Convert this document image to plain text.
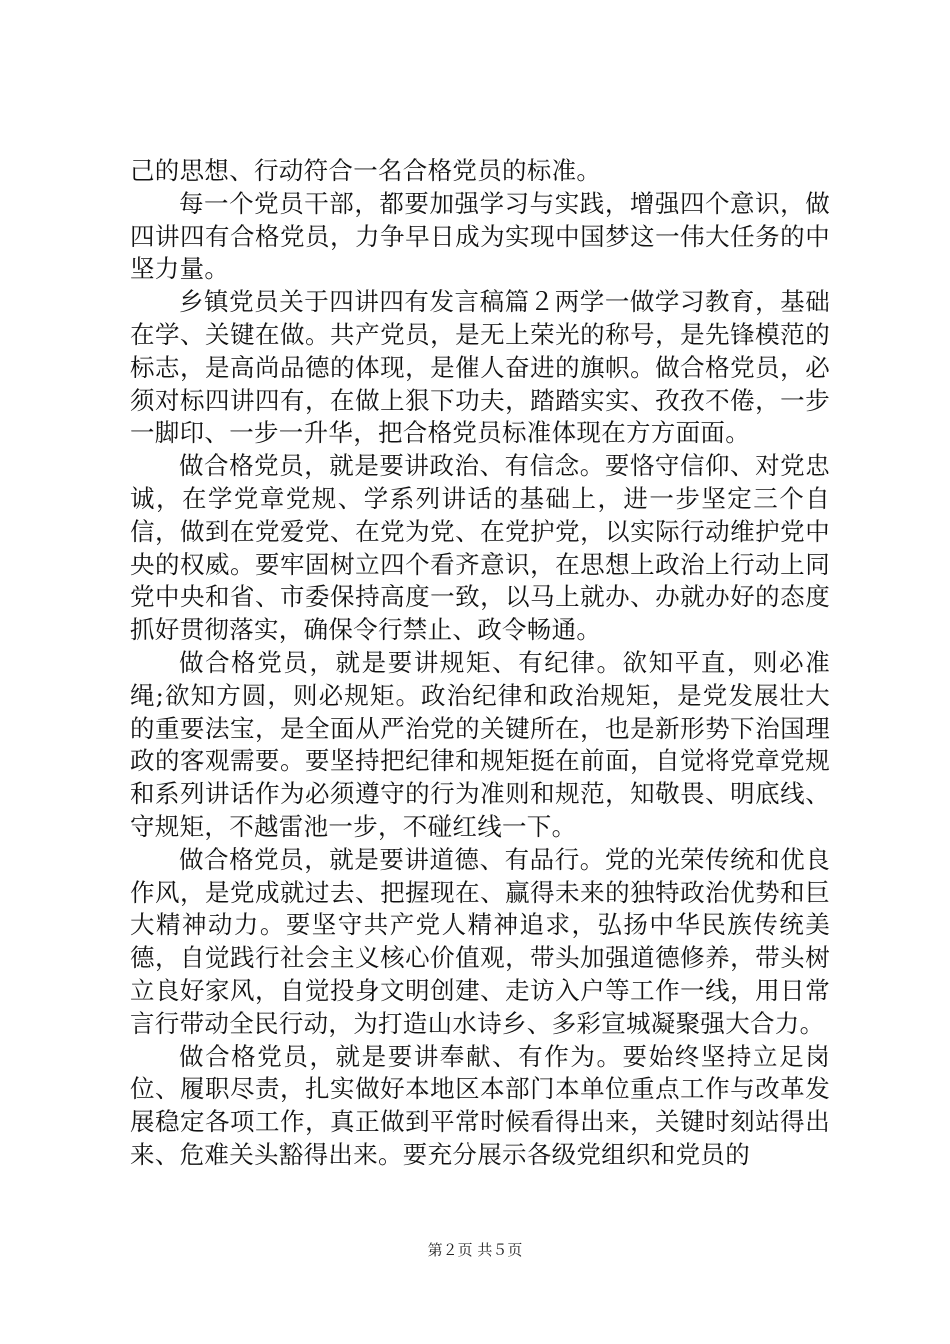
己的思想、行动符合一名合格党员的标准。

每一个党员干部，都要加强学习与实践，增强四个意识，做四讲四有合格党员，力争早日成为实现中国梦这一伟大任务的中坚力量。

乡镇党员关于四讲四有发言稿篇２两学一做学习教育，基础在学、关键在做。共产党员，是无上荣光的称号，是先锋模范的标志，是高尚品德的体现，是催人奋进的旗帜。做合格党员，必须对标四讲四有，在做上狠下功夫，踏踏实实、孜孜不倦，一步一脚印、一步一升华，把合格党员标准体现在方方面面。

做合格党员，就是要讲政治、有信念。要恪守信仰、对党忠诚，在学党章党规、学系列讲话的基础上，进一步坚定三个自信，做到在党爱党、在党为党、在党护党，以实际行动维护党中央的权威。要牢固树立四个看齐意识，在思想上政治上行动上同党中央和省、市委保持高度一致，以马上就办、办就办好的态度抓好贯彻落实，确保令行禁止、政令畅通。

做合格党员，就是要讲规矩、有纪律。欲知平直，则必准绳;欲知方圆，则必规矩。政治纪律和政治规矩，是党发展壮大的重要法宝，是全面从严治党的关键所在，也是新形势下治国理政的客观需要。要坚持把纪律和规矩挺在前面，自觉将党章党规和系列讲话作为必须遵守的行为准则和规范，知敬畏、明底线、守规矩，不越雷池一步，不碰红线一下。

做合格党员，就是要讲道德、有品行。党的光荣传统和优良作风，是党成就过去、把握现在、赢得未来的独特政治优势和巨大精神动力。要坚守共产党人精神追求，弘扬中华民族传统美德，自觉践行社会主义核心价值观，带头加强道德修养，带头树立良好家风，自觉投身文明创建、走访入户等工作一线，用日常言行带动全民行动，为打造山水诗乡、多彩宣城凝聚强大合力。

做合格党员，就是要讲奉献、有作为。要始终坚持立足岗位、履职尽责，扎实做好本地区本部门本单位重点工作与改革发展稳定各项工作，真正做到平常时候看得出来，关键时刻站得出来、危难关头豁得出来。要充分展示各级党组织和党员的

第２页 共５页
